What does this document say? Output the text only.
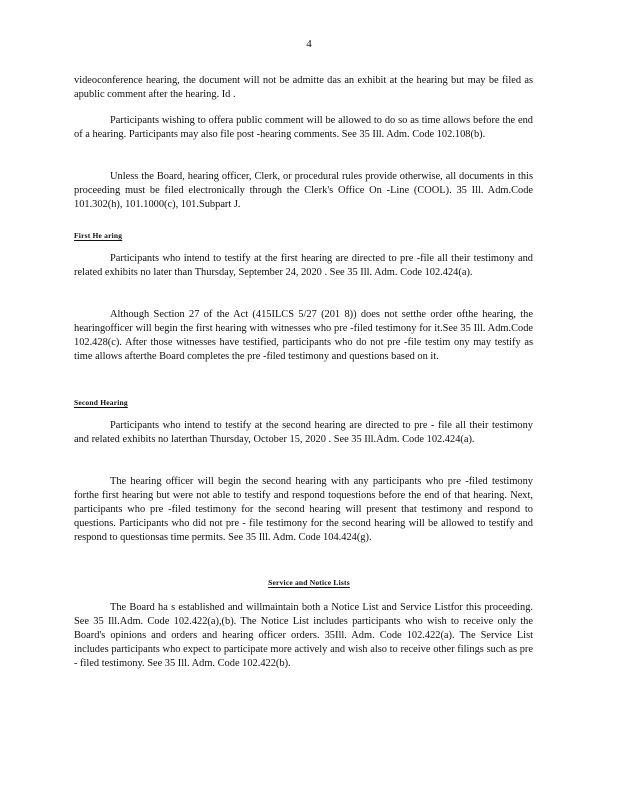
4

videoconference hearing, the document will not be admitte das an exhibit at the hearing but may be filed as apublic comment after the hearing. Id .

Participants wishing to offera public comment will be allowed to do so as time allows before the end of a hearing. Participants may also file post -hearing comments. See 35 Ill. Adm. Code 102.108(b).

Unless the Board, hearing officer, Clerk, or procedural rules provide otherwise, all documents in this proceeding must be filed electronically through the Clerk's Office On -Line (COOL). 35 Ill. Adm.Code 101.302(h), 101.1000(c), 101.Subpart J.

First He aring

Participants who intend to testify at the first hearing are directed to pre -file all their testimony and related exhibits no later than Thursday, September 24, 2020 . See 35 Ill. Adm. Code 102.424(a).

Although Section 27 of the Act (415ILCS 5/27 (201 8)) does not setthe order ofthe hearing, the hearingofficer will begin the first hearing with witnesses who pre -filed testimony for it.See 35 Ill. Adm.Code 102.428(c). After those witnesses have testified, participants who do not pre -file testim ony may testify as time allows afterthe Board completes the pre -filed testimony and questions based on it.

Second Hearing

Participants who intend to testify at the second hearing are directed to pre - file all their testimony and related exhibits no laterthan Thursday, October 15, 2020 . See 35 Ill.Adm. Code 102.424(a).

The hearing officer will begin the second hearing with any participants who pre -filed testimony forthe first hearing but were not able to testify and respond toquestions before the end of that hearing. Next, participants who pre -filed testimony for the second hearing will present that testimony and respond to questions. Participants who did not pre - file testimony for the second hearing will be allowed to testify and respond to questionsas time permits. See 35 Ill. Adm. Code 104.424(g).

Service and Notice Lists

The Board ha s established and willmaintain both a Notice List and Service Listfor this proceeding. See 35 Ill.Adm. Code 102.422(a),(b). The Notice List includes participants who wish to receive only the Board's opinions and orders and hearing officer orders. 35Ill. Adm. Code 102.422(a). The Service List includes participants who expect to participate more actively and wish also to receive other filings such as pre - filed testimony. See 35 Ill. Adm. Code 102.422(b).
